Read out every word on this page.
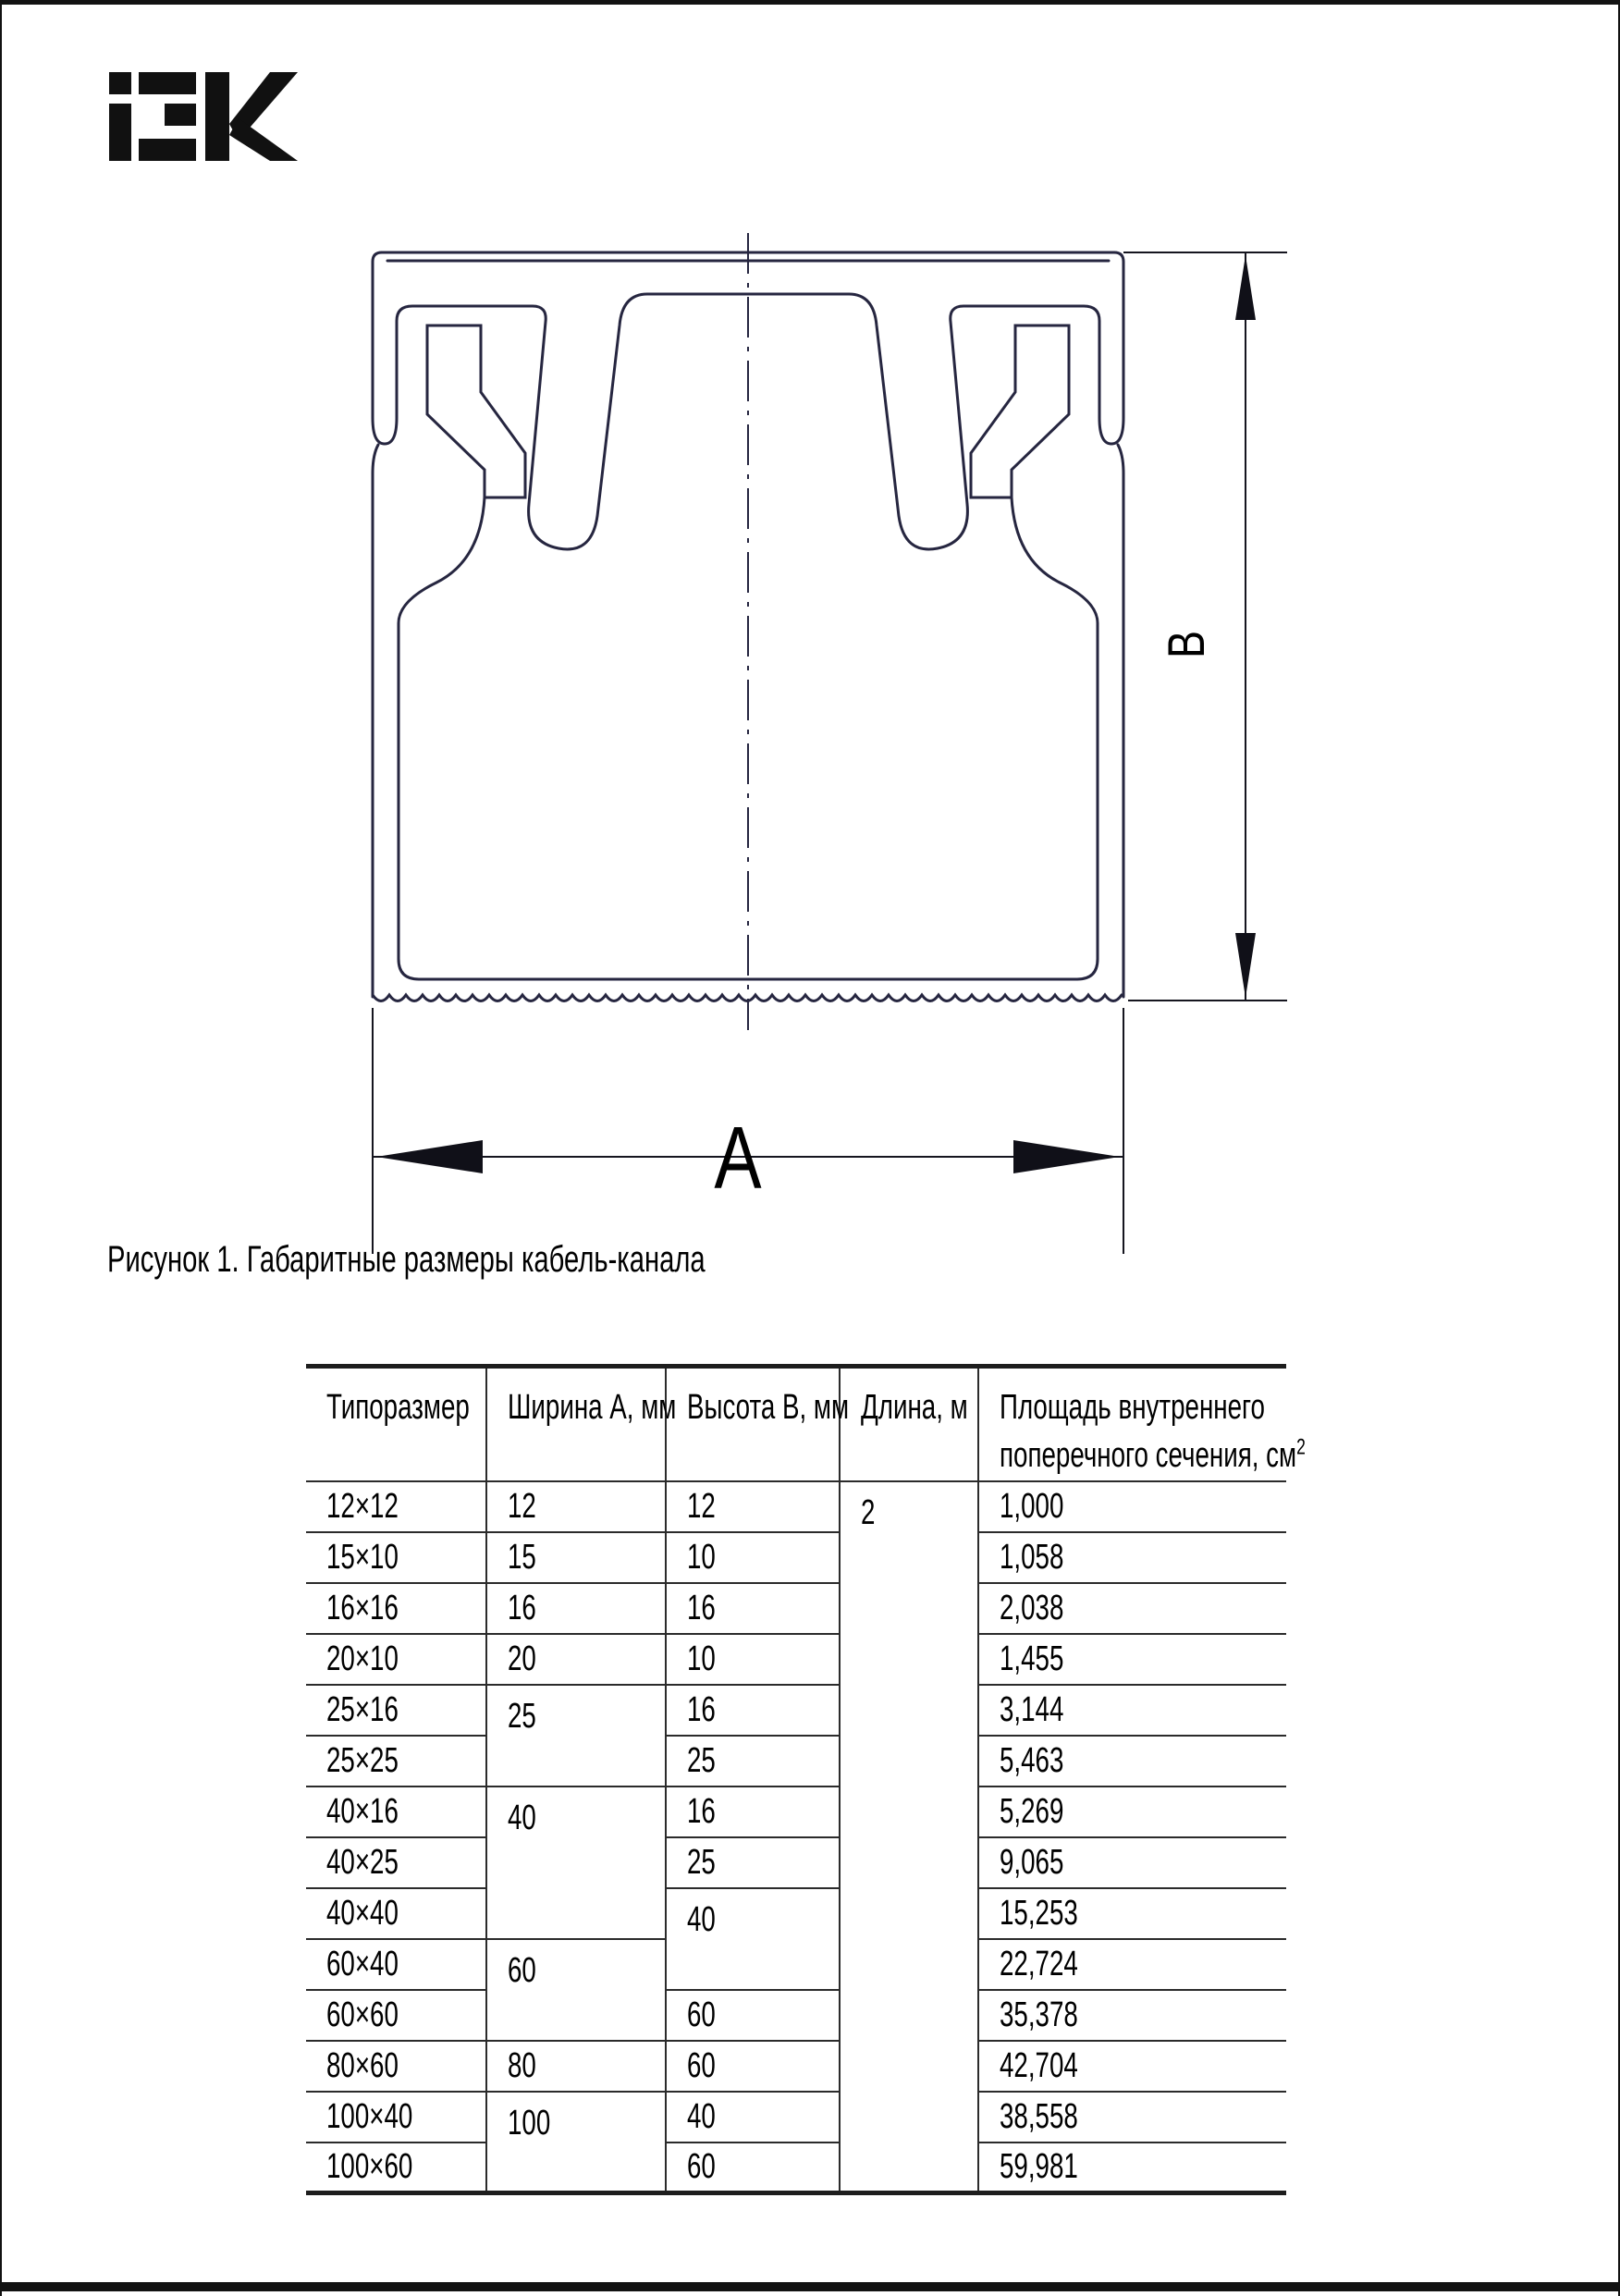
B
A
Рисунок 1. Габаритные размеры кабель-канала
Типоразмер	Ширина А, мм	Высота В, мм	Длина, м	Площадь внутреннего
поперечного сечения, $см^2$
12×12	12	12	2	1,000
15×10	15	10		1,058
16×16	16	16		2,038
20×10	20	10		1,455
25×16	25	16		3,144
25×25		25		5,463
40×16	40	16		5,269
40×25		25		9,065
40×40		40		15,253
60×40	60			22,724
60×60		60		35,378
80×60	80	60		42,704
100×40	100	40		38,558
100×60		60		59,981
